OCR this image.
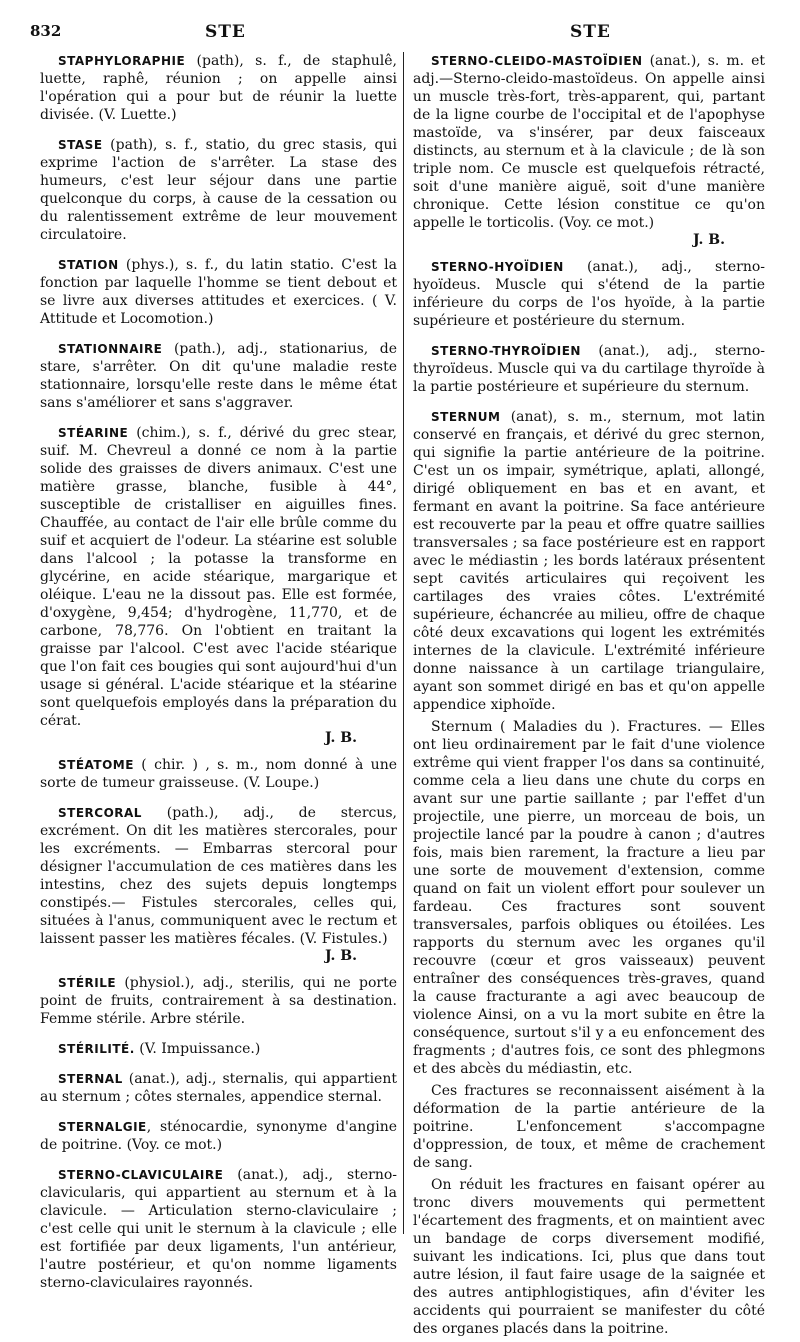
832	STE	STE

STAPHYLORAPHIE (path), s. f., de staphulê, luette, raphê, réunion ; on appelle ainsi l'opération qui a pour but de réunir la luette divisée. (V. Luette.)

STASE (path), s. f., statio, du grec stasis, qui exprime l'action de s'arrêter. La stase des humeurs, c'est leur séjour dans une partie quelconque du corps, à cause de la cessation ou du ralentissement extrême de leur mouvement circulatoire.

STATION (phys.), s. f., du latin statio. C'est la fonction par laquelle l'homme se tient debout et se livre aux diverses attitudes et exercices. ( V. Attitude et Locomotion.)

STATIONNAIRE (path.), adj., stationarius, de stare, s'arrêter. On dit qu'une maladie reste stationnaire, lorsqu'elle reste dans le même état sans s'améliorer et sans s'aggraver.

STÉARINE (chim.), s. f., dérivé du grec stear, suif. M. Chevreul a donné ce nom à la partie solide des graisses de divers animaux. C'est une matière grasse, blanche, fusible à 44°, susceptible de cristalliser en aiguilles fines. Chauffée, au contact de l'air elle brûle comme du suif et acquiert de l'odeur. La stéarine est soluble dans l'alcool ; la potasse la transforme en glycérine, en acide stéarique, margarique et oléique. L'eau ne la dissout pas. Elle est formée, d'oxygène, 9,454; d'hydrogène, 11,770, et de carbone, 78,776. On l'obtient en traitant la graisse par l'alcool. C'est avec l'acide stéarique que l'on fait ces bougies qui sont aujourd'hui d'un usage si général. L'acide stéarique et la stéarine sont quelquefois employés dans la préparation du cérat.

J. B.

STÉATOME ( chir. ) , s. m., nom donné à une sorte de tumeur graisseuse. (V. Loupe.)

STERCORAL (path.), adj., de stercus, excrément. On dit les matières stercorales, pour les excréments. — Embarras stercoral pour désigner l'accumulation de ces matières dans les intestins, chez des sujets depuis longtemps constipés.— Fistules stercorales, celles qui, situées à l'anus, communiquent avec le rectum et laissent passer les matières fécales. (V. Fistules.)

J. B.

STÉRILE (physiol.), adj., sterilis, qui ne porte point de fruits, contrairement à sa destination. Femme stérile. Arbre stérile.

STÉRILITÉ. (V. Impuissance.)

STERNAL (anat.), adj., sternalis, qui appartient au sternum ; côtes sternales, appendice sternal.

STERNALGIE, sténocardie, synonyme d'angine de poitrine. (Voy. ce mot.)

STERNO-CLAVICULAIRE (anat.), adj., sterno-clavicularis, qui appartient au sternum et à la clavicule. — Articulation sterno-claviculaire ; c'est celle qui unit le sternum à la clavicule ; elle est fortifiée par deux ligaments, l'un antérieur, l'autre postérieur, et qu'on nomme ligaments sterno-claviculaires rayonnés.

STERNO-CLEIDO-MASTOÏDIEN (anat.), s. m. et adj.—Sterno-cleido-mastoïdeus. On appelle ainsi un muscle très-fort, très-apparent, qui, partant de la ligne courbe de l'occipital et de l'apophyse mastoïde, va s'insérer, par deux faisceaux distincts, au sternum et à la clavicule ; de là son triple nom. Ce muscle est quelquefois rétracté, soit d'une manière aiguë, soit d'une manière chronique. Cette lésion constitue ce qu'on appelle le torticolis. (Voy. ce mot.)

J. B.

STERNO-HYOÏDIEN (anat.), adj., sterno-hyoïdeus. Muscle qui s'étend de la partie inférieure du corps de l'os hyoïde, à la partie supérieure et postérieure du sternum.

STERNO-THYROÏDIEN (anat.), adj., sterno-thyroïdeus. Muscle qui va du cartilage thyroïde à la partie postérieure et supérieure du sternum.

STERNUM (anat), s. m., sternum, mot latin conservé en français, et dérivé du grec sternon, qui signifie la partie antérieure de la poitrine. C'est un os impair, symétrique, aplati, allongé, dirigé obliquement en bas et en avant, et fermant en avant la poitrine. Sa face antérieure est recouverte par la peau et offre quatre saillies transversales ; sa face postérieure est en rapport avec le médiastin ; les bords latéraux présentent sept cavités articulaires qui reçoivent les cartilages des vraies côtes. L'extrémité supérieure, échancrée au milieu, offre de chaque côté deux excavations qui logent les extrémités internes de la clavicule. L'extrémité inférieure donne naissance à un cartilage triangulaire, ayant son sommet dirigé en bas et qu'on appelle appendice xiphoïde.

Sternum ( Maladies du ). Fractures. — Elles ont lieu ordinairement par le fait d'une violence extrême qui vient frapper l'os dans sa continuité, comme cela a lieu dans une chute du corps en avant sur une partie saillante ; par l'effet d'un projectile, une pierre, un morceau de bois, un projectile lancé par la poudre à canon ; d'autres fois, mais bien rarement, la fracture a lieu par une sorte de mouvement d'extension, comme quand on fait un violent effort pour soulever un fardeau. Ces fractures sont souvent transversales, parfois obliques ou étoilées. Les rapports du sternum avec les organes qu'il recouvre (cœur et gros vaisseaux) peuvent entraîner des conséquences très-graves, quand la cause fracturante a agi avec beaucoup de violence Ainsi, on a vu la mort subite en être la conséquence, surtout s'il y a eu enfoncement des fragments ; d'autres fois, ce sont des phlegmons et des abcès du médiastin, etc.

Ces fractures se reconnaissent aisément à la déformation de la partie antérieure de la poitrine. L'enfoncement s'accompagne d'oppression, de toux, et même de crachement de sang.

On réduit les fractures en faisant opérer au tronc divers mouvements qui permettent l'écartement des fragments, et on maintient avec un bandage de corps diversement modifié, suivant les indications. Ici, plus que dans tout autre lésion, il faut faire usage de la saignée et des autres antiphlogistiques, afin d'éviter les accidents qui pourraient se manifester du côté des organes placés dans la poitrine.
